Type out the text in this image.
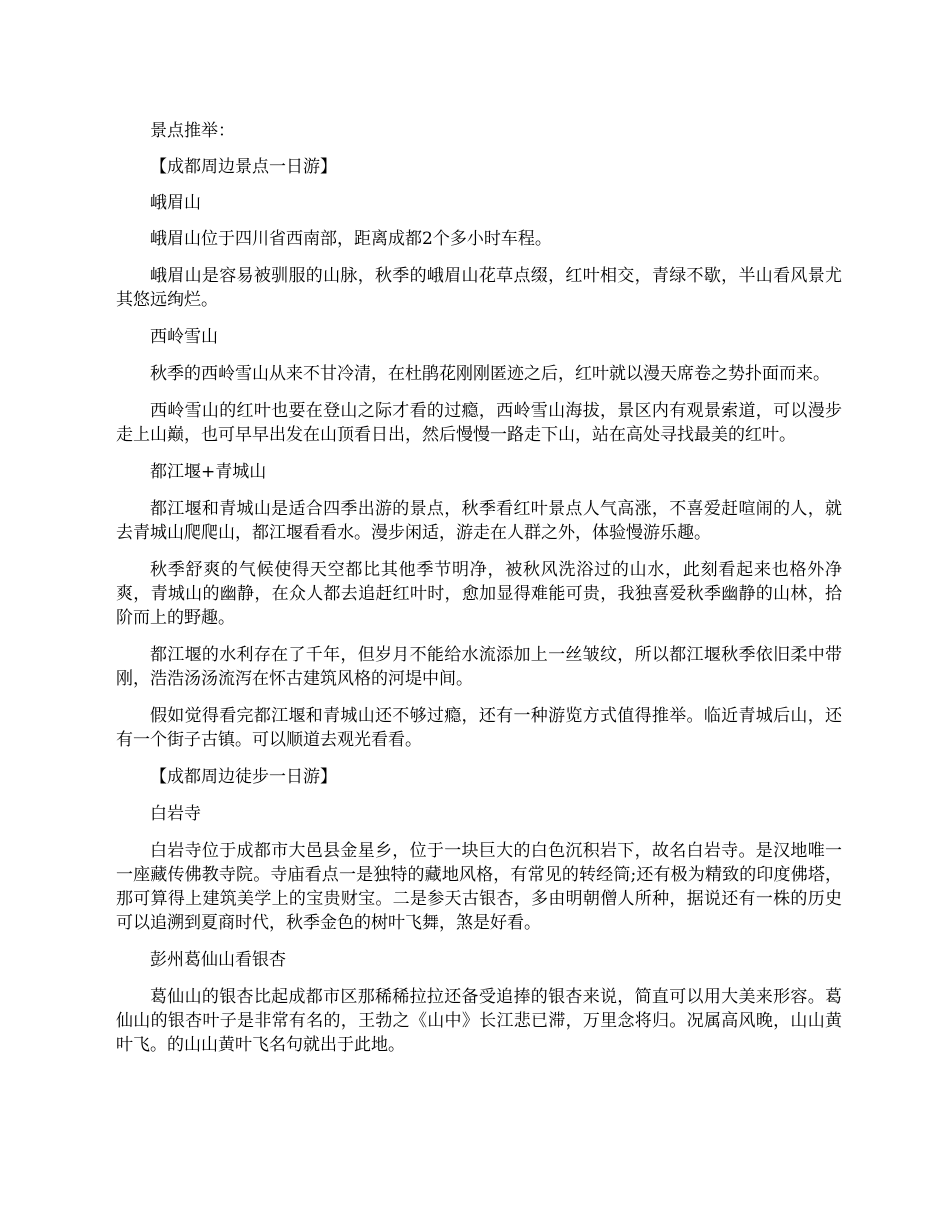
景点推举：

【成都周边景点一日游】

峨眉山

峨眉山位于四川省西南部，距离成都2个多小时车程。

峨眉山是容易被驯服的山脉，秋季的峨眉山花草点缀，红叶相交，青绿不歇，半山看风景尤其悠远绚烂。

西岭雪山

秋季的西岭雪山从来不甘冷清，在杜鹃花刚刚匿迹之后，红叶就以漫天席卷之势扑面而来。

西岭雪山的红叶也要在登山之际才看的过瘾，西岭雪山海拔，景区内有观景索道，可以漫步走上山巅，也可早早出发在山顶看日出，然后慢慢一路走下山，站在高处寻找最美的红叶。

都江堰+青城山

都江堰和青城山是适合四季出游的景点，秋季看红叶景点人气高涨，不喜爱赶喧闹的人，就去青城山爬爬山，都江堰看看水。漫步闲适，游走在人群之外，体验慢游乐趣。

秋季舒爽的气候使得天空都比其他季节明净，被秋风洗浴过的山水，此刻看起来也格外净爽，青城山的幽静，在众人都去追赶红叶时，愈加显得难能可贵，我独喜爱秋季幽静的山林，拾阶而上的野趣。

都江堰的水利存在了千年，但岁月不能给水流添加上一丝皱纹，所以都江堰秋季依旧柔中带刚，浩浩汤汤流泻在怀古建筑风格的河堤中间。

假如觉得看完都江堰和青城山还不够过瘾，还有一种游览方式值得推举。临近青城后山，还有一个街子古镇。可以顺道去观光看看。

【成都周边徒步一日游】

白岩寺

白岩寺位于成都市大邑县金星乡，位于一块巨大的白色沉积岩下，故名白岩寺。是汉地唯一一座藏传佛教寺院。寺庙看点一是独特的藏地风格，有常见的转经筒;还有极为精致的印度佛塔，那可算得上建筑美学上的宝贵财宝。二是参天古银杏，多由明朝僧人所种，据说还有一株的历史可以追溯到夏商时代，秋季金色的树叶飞舞，煞是好看。

彭州葛仙山看银杏

葛仙山的银杏比起成都市区那稀稀拉拉还备受追捧的银杏来说，简直可以用大美来形容。葛仙山的银杏叶子是非常有名的，王勃之《山中》长江悲已滞，万里念将归。况属高风晚，山山黄叶飞。的山山黄叶飞名句就出于此地。
